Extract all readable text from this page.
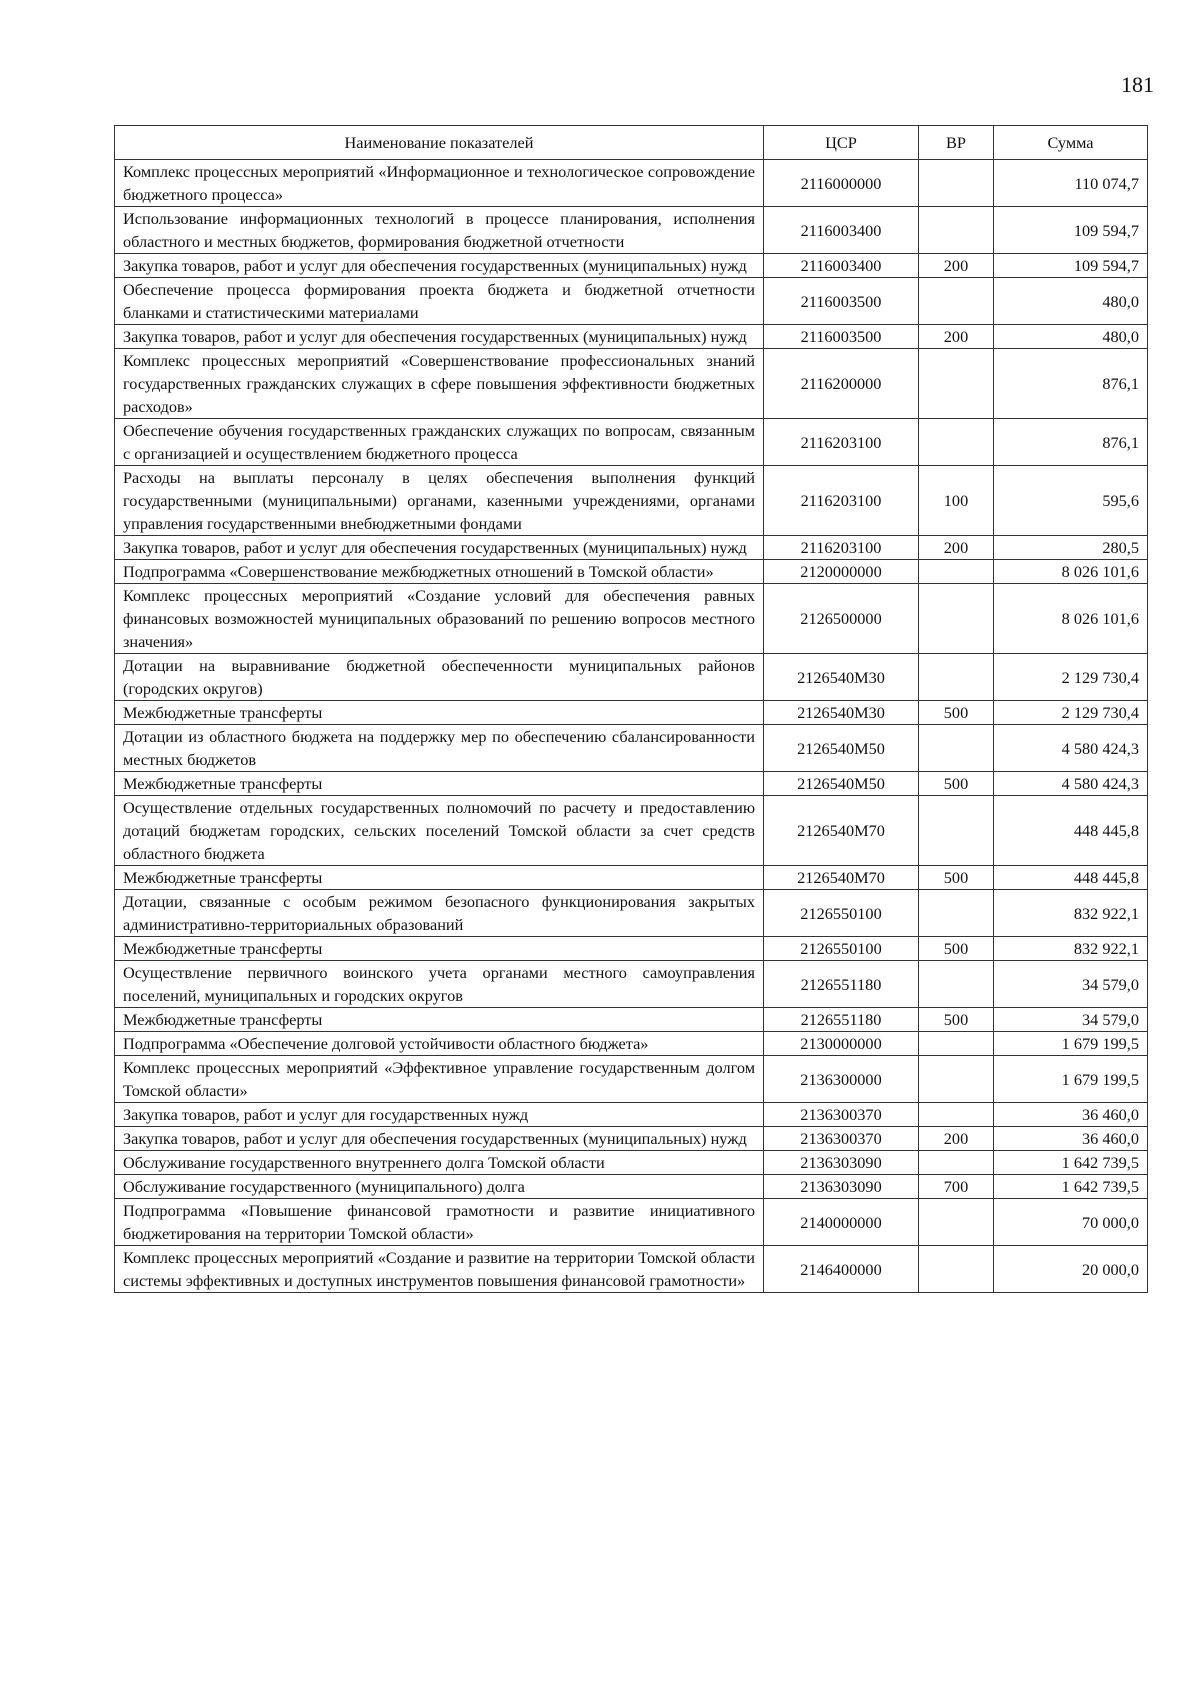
181
Наименование показателей	ЦСР	ВР	Сумма
Комплекс процессных мероприятий «Информационное и технологическое сопровождение бюджетного процесса»	2116000000		110 074,7
Использование информационных технологий в процессе планирования, исполнения областного и местных бюджетов, формирования бюджетной отчетности	2116003400		109 594,7
Закупка товаров, работ и услуг для обеспечения государственных (муниципальных) нужд	2116003400	200	109 594,7
Обеспечение процесса формирования проекта бюджета и бюджетной отчетности бланками и статистическими материалами	2116003500		480,0
Закупка товаров, работ и услуг для обеспечения государственных (муниципальных) нужд	2116003500	200	480,0
Комплекс процессных мероприятий «Совершенствование профессиональных знаний государственных гражданских служащих в сфере повышения эффективности бюджетных расходов»	2116200000		876,1
Обеспечение обучения государственных гражданских служащих по вопросам, связанным с организацией и осуществлением бюджетного процесса	2116203100		876,1
Расходы на выплаты персоналу в целях обеспечения выполнения функций государственными (муниципальными) органами, казенными учреждениями, органами управления государственными внебюджетными фондами	2116203100	100	595,6
Закупка товаров, работ и услуг для обеспечения государственных (муниципальных) нужд	2116203100	200	280,5
Подпрограмма «Совершенствование межбюджетных отношений в Томской области»	2120000000		8 026 101,6
Комплекс процессных мероприятий «Создание условий для обеспечения равных финансовых возможностей муниципальных образований по решению вопросов местного значения»	2126500000		8 026 101,6
Дотации на выравнивание бюджетной обеспеченности муниципальных районов (городских округов)	2126540М30		2 129 730,4
Межбюджетные трансферты	2126540М30	500	2 129 730,4
Дотации из областного бюджета на поддержку мер по обеспечению сбалансированности местных бюджетов	2126540М50		4 580 424,3
Межбюджетные трансферты	2126540М50	500	4 580 424,3
Осуществление отдельных государственных полномочий по расчету и предоставлению дотаций бюджетам городских, сельских поселений Томской области за счет средств областного бюджета	2126540М70		448 445,8
Межбюджетные трансферты	2126540М70	500	448 445,8
Дотации, связанные с особым режимом безопасного функционирования закрытых административно-территориальных образований	2126550100		832 922,1
Межбюджетные трансферты	2126550100	500	832 922,1
Осуществление первичного воинского учета органами местного самоуправления поселений, муниципальных и городских округов	2126551180		34 579,0
Межбюджетные трансферты	2126551180	500	34 579,0
Подпрограмма «Обеспечение долговой устойчивости областного бюджета»	2130000000		1 679 199,5
Комплекс процессных мероприятий «Эффективное управление государственным долгом Томской области»	2136300000		1 679 199,5
Закупка товаров, работ и услуг для государственных нужд	2136300370		36 460,0
Закупка товаров, работ и услуг для обеспечения государственных (муниципальных) нужд	2136300370	200	36 460,0
Обслуживание государственного внутреннего долга Томской области	2136303090		1 642 739,5
Обслуживание государственного (муниципального) долга	2136303090	700	1 642 739,5
Подпрограмма «Повышение финансовой грамотности и развитие инициативного бюджетирования на территории Томской области»	2140000000		70 000,0
Комплекс процессных мероприятий «Создание и развитие на территории Томской области системы эффективных и доступных инструментов повышения финансовой грамотности»	2146400000		20 000,0
